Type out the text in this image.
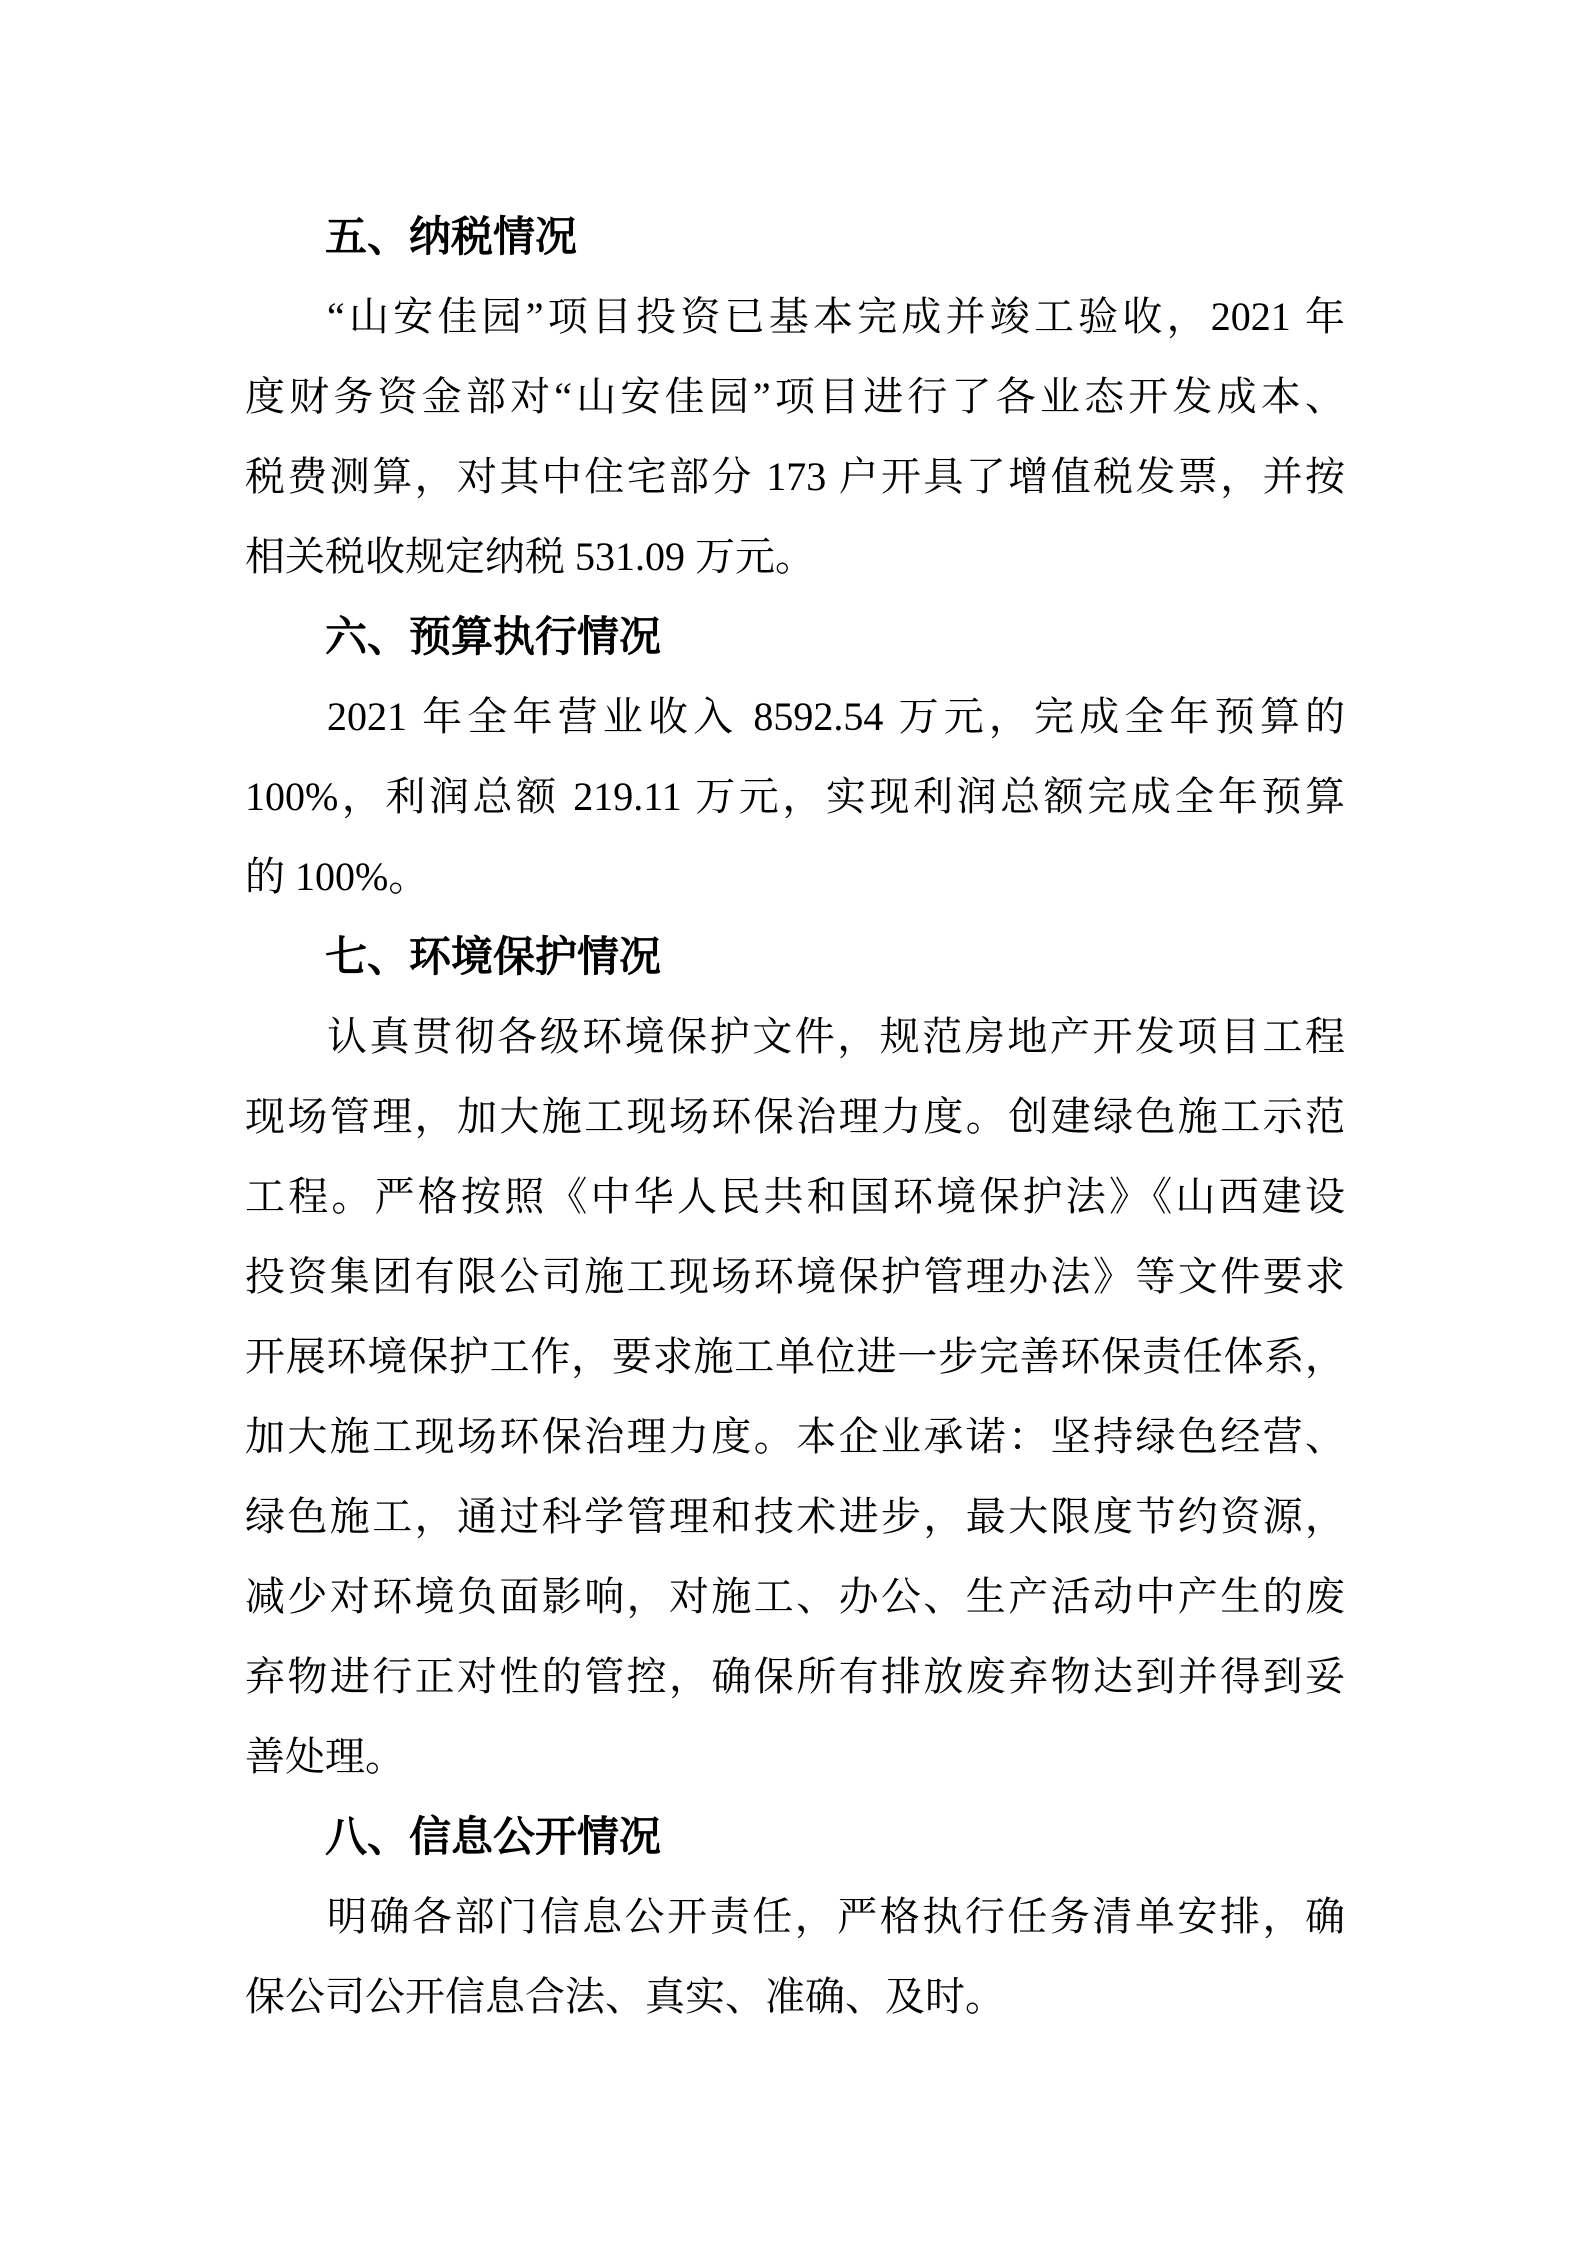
五、纳税情况
“山安佳园”项目投资已基本完成并竣工验收，2021 年
度财务资金部对“山安佳园”项目进行了各业态开发成本、
税费测算，对其中住宅部分 173 户开具了增值税发票，并按
相关税收规定纳税 531.09 万元。
六、预算执行情况
2021 年全年营业收入 8592.54 万元，完成全年预算的
100%，利润总额 219.11 万元，实现利润总额完成全年预算
的 100%。
七、环境保护情况
认真贯彻各级环境保护文件，规范房地产开发项目工程
现场管理，加大施工现场环保治理力度。创建绿色施工示范
工程。严格按照《中华人民共和国环境保护法》《山西建设
投资集团有限公司施工现场环境保护管理办法》等文件要求
开展环境保护工作，要求施工单位进一步完善环保责任体系，
加大施工现场环保治理力度。本企业承诺：坚持绿色经营、
绿色施工，通过科学管理和技术进步，最大限度节约资源，
减少对环境负面影响，对施工、办公、生产活动中产生的废
弃物进行正对性的管控，确保所有排放废弃物达到并得到妥
善处理。
八、信息公开情况
明确各部门信息公开责任，严格执行任务清单安排，确
保公司公开信息合法、真实、准确、及时。
